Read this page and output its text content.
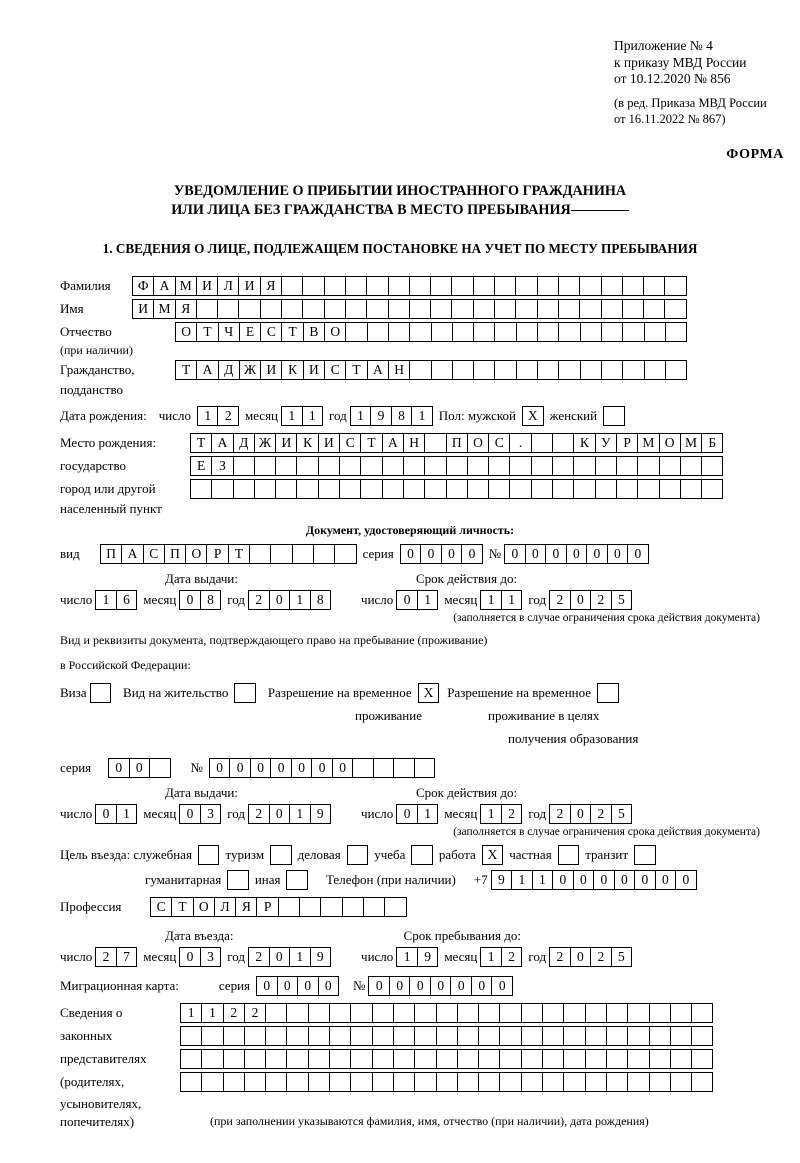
Приложение № 4
к приказу МВД России
от 10.12.2020 № 856
(в ред. Приказа МВД России
от 16.11.2022 № 867)
ФОРМА
УВЕДОМЛЕНИЕ О ПРИБЫТИИ ИНОСТРАННОГО ГРАЖДАНИНА
ИЛИ ЛИЦА БЕЗ ГРАЖДАНСТВА В МЕСТО ПРЕБЫВАНИЯ
1. СВЕДЕНИЯ О ЛИЦЕ, ПОДЛЕЖАЩЕМ ПОСТАНОВКЕ НА УЧЕТ ПО МЕСТУ ПРЕБЫВАНИЯ
Фамилия	Ф А М И Л И Я
Имя	И М Я
Отчество	О Т Ч Е С Т В О
(при наличии)
Гражданство,	Т А Д Ж И К И С Т А Н
подданство
Дата рождения: число 1	2	месяц 1	1	год 1	9	8	1	Пол: мужской X женский
Место рождения:	Т А Д Ж И К И С Т А Н	П О С	.	К У Р М О М Б
государство	Е	З
город или другой
населенный пункт
Документ, удостоверяющий личность:
вид	П А С П О Р Т	серия 0	0	0	0	№ 0	0	0	0	0	0	0
Дата выдачи:	Срок действия до:
число 1	6	месяц 0	8	год 2	0	1	8	число 0	1	месяц 1	1	год 2	0	2	5
(заполняется в случае ограничения срока действия документа)
Вид и реквизиты документа, подтверждающего право на пребывание (проживание)
в Российской Федерации:
Виза	Вид на жительство	Разрешение на временное X	Разрешение на временное
проживание	проживание в целях
получения образования
серия	0	0	№ 0	0	0	0	0	0	0
Дата выдачи:	Срок действия до:
число 0	1	месяц 0	3	год 2	0	1	9	число 0	1	месяц 1	2	год 2	0	2	5
(заполняется в случае ограничения срока действия документа)
Цель въезда: служебная	туризм	деловая	учеба	работа X частная	транзит
гуманитарная	иная	Телефон (при наличии) +7 9	1	1	0	0	0	0	0	0	0
Профессия	С Т О Л Я Р
Дата въезда:	Срок пребывания до:
число 2	7	месяц 0	3	год 2	0	1	9	число 1	9	месяц 1	2	год 2	0	2	5
Миграционная карта:	серия 0	0	0	0	№ 0	0	0	0	0	0	0
Сведения о	1	1	2	2
законных
представителях
(родителях,
усыновителях,
попечителях)	(при заполнении указываются фамилия, имя, отчество (при наличии), дата рождения)
